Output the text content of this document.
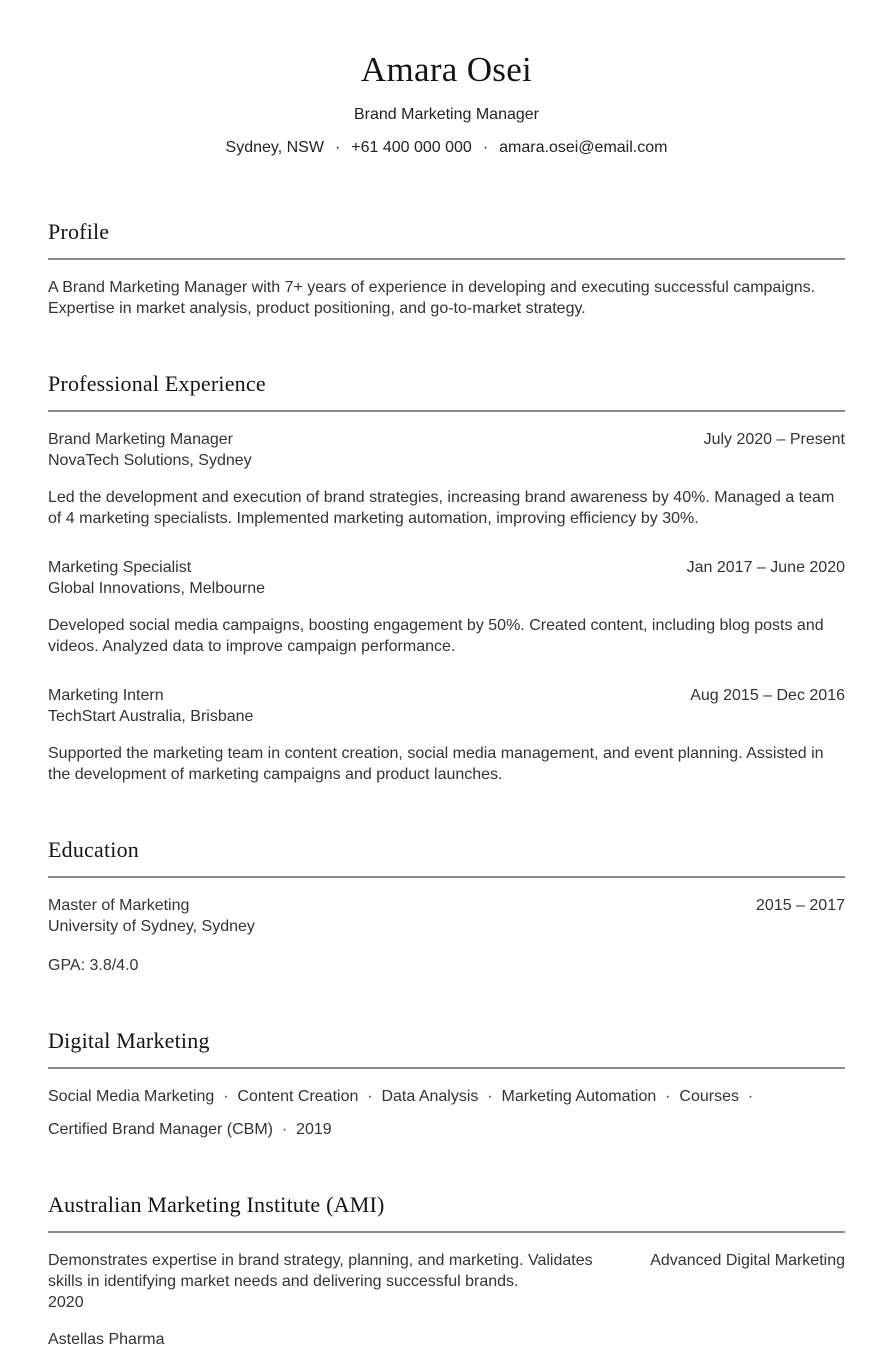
Amara Osei
Brand Marketing Manager
Sydney, NSW · +61 400 000 000 · amara.osei@email.com
Profile
A Brand Marketing Manager with 7+ years of experience in developing and executing successful campaigns. Expertise in market analysis, product positioning, and go-to-market strategy.
Professional Experience
Brand Marketing Manager
NovaTech Solutions, Sydney
July 2020 – Present
Led the development and execution of brand strategies, increasing brand awareness by 40%. Managed a team of 4 marketing specialists. Implemented marketing automation, improving efficiency by 30%.
Marketing Specialist
Global Innovations, Melbourne
Jan 2017 – June 2020
Developed social media campaigns, boosting engagement by 50%. Created content, including blog posts and videos. Analyzed data to improve campaign performance.
Marketing Intern
TechStart Australia, Brisbane
Aug 2015 – Dec 2016
Supported the marketing team in content creation, social media management, and event planning. Assisted in the development of marketing campaigns and product launches.
Education
Master of Marketing
University of Sydney, Sydney
2015 – 2017
GPA: 3.8/4.0
Digital Marketing
Social Media Marketing  ·  Content Creation  ·  Data Analysis  ·  Marketing Automation  ·  Courses  ·
Certified Brand Manager (CBM)  ·  2019
Australian Marketing Institute (AMI)
Demonstrates expertise in brand strategy, planning, and marketing. Validates skills in identifying market needs and delivering successful brands.
2020
Advanced Digital Marketing
Astellas Pharma
